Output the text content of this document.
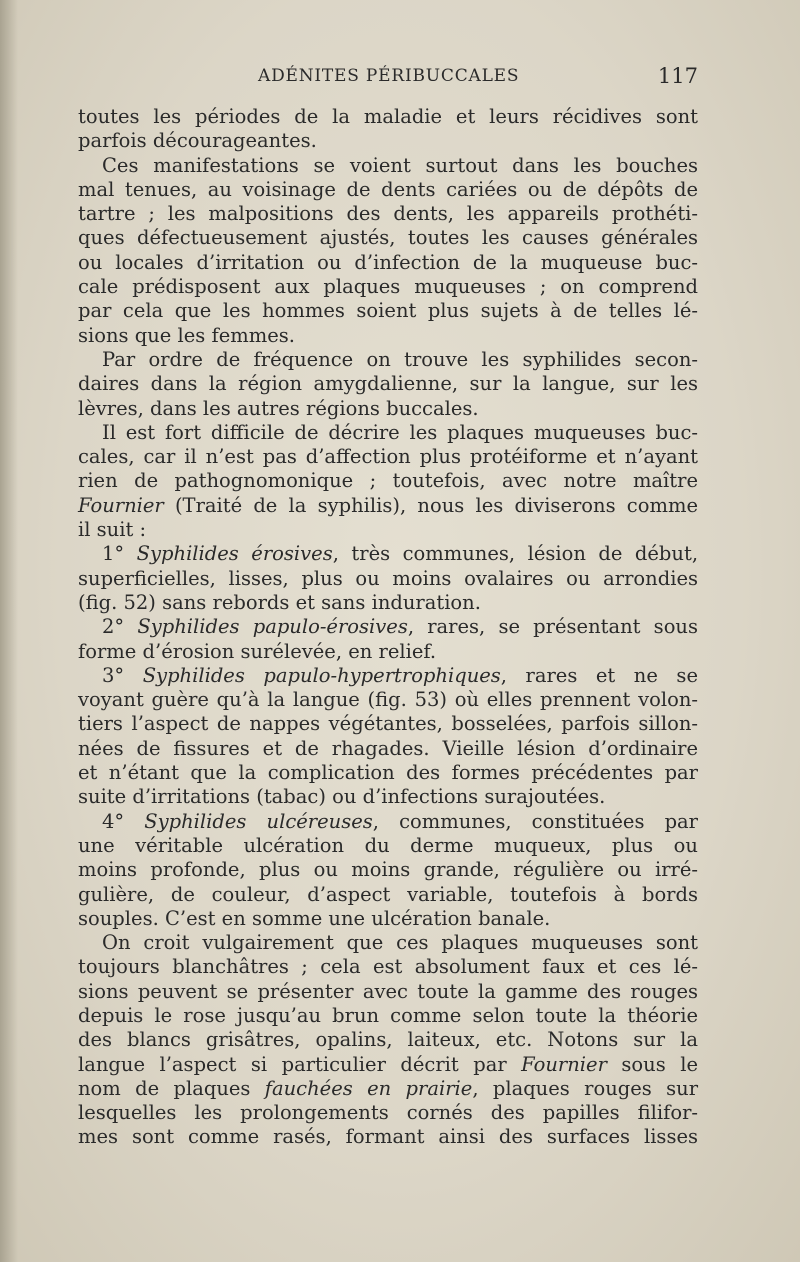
ADÉNITES PÉRIBUCCALES	117
toutes les périodes de la maladie et leurs récidives sont
parfois décourageantes.
Ces manifestations se voient surtout dans les bouches
mal tenues, au voisinage de dents cariées ou de dépôts de
tartre ; les malpositions des dents, les appareils prothéti-
ques défectueusement ajustés, toutes les causes générales
ou locales d’irritation ou d’infection de la muqueuse buc-
cale prédisposent aux plaques muqueuses ; on comprend
par cela que les hommes soient plus sujets à de telles lé-
sions que les femmes.
Par ordre de fréquence on trouve les syphilides secon-
daires dans la région amygdalienne, sur la langue, sur les
lèvres, dans les autres régions buccales.
Il est fort difficile de décrire les plaques muqueuses buc-
cales, car il n’est pas d’affection plus protéiforme et n’ayant
rien de pathognomonique ; toutefois, avec notre maître
Fournier (Traité de la syphilis), nous les diviserons comme
il suit :
1° Syphilides érosives, très communes, lésion de début,
superficielles, lisses, plus ou moins ovalaires ou arrondies
(fig. 52) sans rebords et sans induration.
2° Syphilides papulo-érosives, rares, se présentant sous
forme d’érosion surélevée, en relief.
3° Syphilides papulo-hypertrophiques, rares et ne se
voyant guère qu’à la langue (fig. 53) où elles prennent volon-
tiers l’aspect de nappes végétantes, bosselées, parfois sillon-
nées de fissures et de rhagades. Vieille lésion d’ordinaire
et n’étant que la complication des formes précédentes par
suite d’irritations (tabac) ou d’infections surajoutées.
4° Syphilides ulcéreuses, communes, constituées par
une véritable ulcération du derme muqueux, plus ou
moins profonde, plus ou moins grande, régulière ou irré-
gulière, de couleur, d’aspect variable, toutefois à bords
souples. C’est en somme une ulcération banale.
On croit vulgairement que ces plaques muqueuses sont
toujours blanchâtres ; cela est absolument faux et ces lé-
sions peuvent se présenter avec toute la gamme des rouges
depuis le rose jusqu’au brun comme selon toute la théorie
des blancs grisâtres, opalins, laiteux, etc. Notons sur la
langue l’aspect si particulier décrit par Fournier sous le
nom de plaques fauchées en prairie, plaques rouges sur
lesquelles les prolongements cornés des papilles filifor-
mes sont comme rasés, formant ainsi des surfaces lisses
